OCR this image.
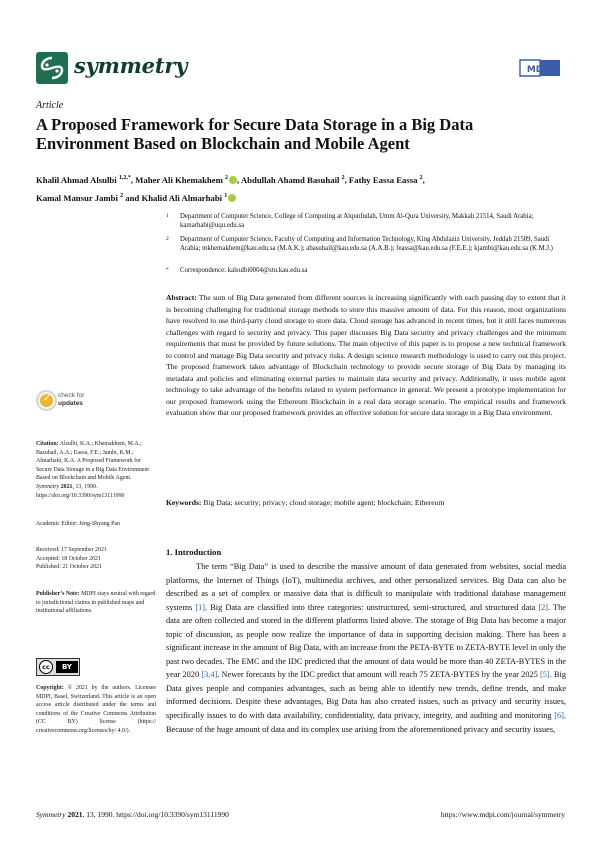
symmetry	MDPI
Article
A Proposed Framework for Secure Data Storage in a Big Data Environment Based on Blockchain and Mobile Agent
Khalil Ahmad Alsulbi $^{1,2,*}$, Maher Ali Khemakhem $^2$ , Abdullah Ahamd Basuhail $^2$, Fathy Eassa Eassa $^2$,
Kamal Mansur Jambi $^2$ and Khalid Ali Almarhabi $^1$
1 Department of Computer Science, College of Computing at Alqunfudah, Umm Al-Qura University, Makkah 21514, Saudi Arabia; kamarhabi@uqu.edu.sa
2 Department of Computer Science, Faculty of Computing and Information Technology, King Abdulaziz University, Jeddah 21589, Saudi Arabia; mkhemakhem@kau.edu.sa (M.A.K.); abasuhail@kau.edu.sa (A.A.B.); feassa@kau.edu.sa (F.E.E.); kjambi@kau.edu.sa (K.M.J.)
* Correspondence: kalsulbi0004@stu.kau.edu.sa
Abstract: The sum of Big Data generated from different sources is increasing significantly with each passing day to extent that it is becoming challenging for traditional storage methods to store this massive amount of data. For this reason, most organizations have resolved to use third-party cloud storage to store data. Cloud storage has advanced in recent times, but it still faces numerous challenges with regard to security and privacy. This paper discusses Big Data security and privacy challenges and the minimum requirements that must be provided by future solutions. The main objective of this paper is to propose a new technical framework to control and manage Big Data security and privacy risks. A design science research methodology is used to carry out this project. The proposed framework takes advantage of Blockchain technology to provide secure storage of Big Data by managing its metadata and policies and eliminating external parties to maintain data security and privacy. Additionally, it uses mobile agent technology to take advantage of the benefits related to system performance in general. We present a prototype implementation for our proposed framework using the Ethereum Blockchain in a real data storage scenario. The empirical results and framework evaluation show that our proposed framework provides an effective solution for secure data storage in a Big Data environment.
Keywords: Big Data; security; privacy; cloud storage; mobile agent; blockchain; Ethereum
1. Introduction
The term “Big Data” is used to describe the massive amount of data generated from websites, social media platforms, the Internet of Things (IoT), multimedia archives, and other personalized services. Big Data can also be described as a set of complex or massive data that is difficult to manipulate with traditional database management systems [1]. Big Data are classified into three categories: unstructured, semi-structured, and structured data [2]. The data are often collected and stored in the different platforms listed above. The storage of Big Data has become a major topic of discussion, as people now realize the importance of data in supporting decision making. There has been a significant increase in the amount of Big Data, with an increase from the PETA-BYTE to ZETA-BYTE level in only the past two decades. The EMC and the IDC predicted that the amount of data would be more than 40 ZETA-BYTES in the year 2020 [3,4]. Newer forecasts by the IDC predict that amount will reach 75 ZETA-BYTES by the year 2025 [5]. Big Data gives people and companies advantages, such as being able to identify new trends, define trends, and make informed decisions. Despite these advantages, Big Data has also created issues, such as privacy and security issues, specifically issues to do with data availability, confidentiality, data privacy, integrity, and auditing and monitoring [6]. Because of the huge amount of data and its complex use arising from the aforementioned privacy and security issues,
✓ check for
updates
Citation: Alsulbi, K.A.; Khemakhem, M.A.; Basuhail, A.A.; Eassa, F.E.; Jambi, K.M.; Almarhabi, K.A. A Proposed Framework for Secure Data Storage in a Big Data Environment Based on Blockchain and Mobile Agent. Symmetry 2021, 13, 1990. https://doi.org/10.3390/sym13111990
Academic Editor: Jeng-Shyang Pan
Received: 17 September 2021
Accepted: 18 October 2021
Published: 21 October 2021
Publisher’s Note: MDPI stays neutral with regard to jurisdictional claims in published maps and institutional affiliations.
cc	BY
Copyright: © 2021 by the authors. Licensee MDPI, Basel, Switzerland. This article is an open access article distributed under the terms and conditions of the Creative Commons Attribution (CC BY) license (https:// creativecommons.org/licenses/by/ 4.0/).
Symmetry 2021, 13, 1990. https://doi.org/10.3390/sym13111990	https://www.mdpi.com/journal/symmetry
